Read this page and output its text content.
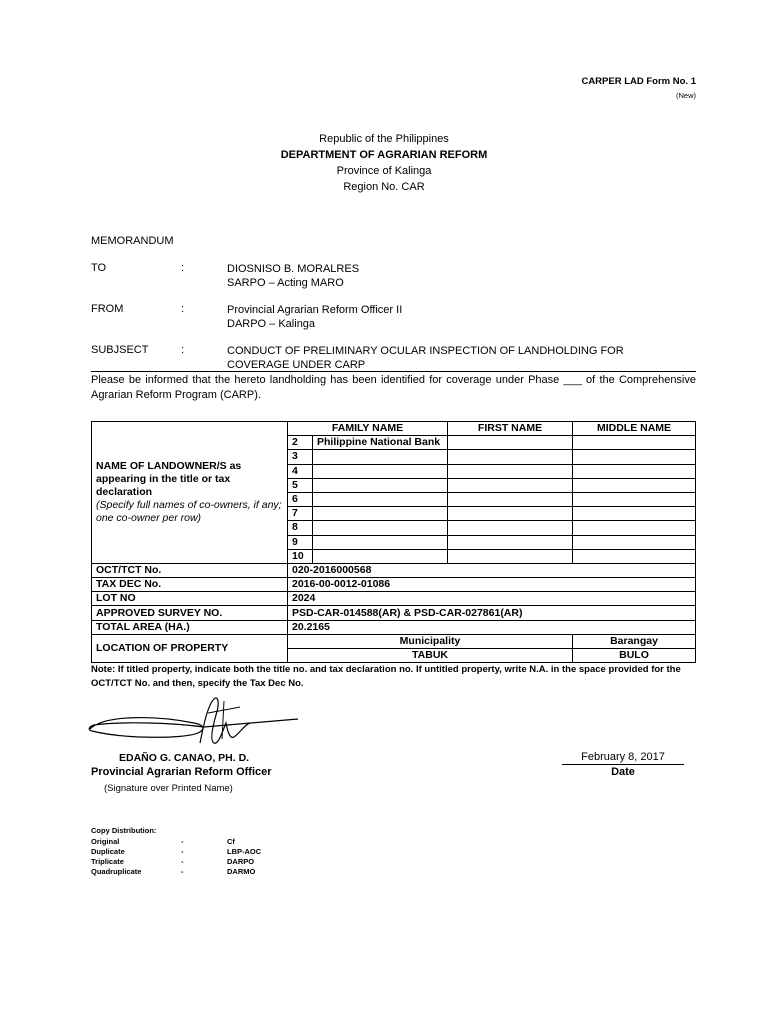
CARPER LAD Form No. 1
(New)
Republic of the Philippines
DEPARTMENT OF AGRARIAN REFORM
Province of Kalinga
Region No. CAR
MEMORANDUM
TO	:	DIOSNISO B. MORALRES
SARPO – Acting MARO
FROM	:	Provincial Agrarian Reform Officer II
DARPO – Kalinga
SUBJSECT	:	CONDUCT OF PRELIMINARY OCULAR INSPECTION OF LANDHOLDING FOR
COVERAGE UNDER CARP
Please be informed that the hereto landholding has been identified for coverage under Phase ___ of the Comprehensive Agrarian Reform Program (CARP).
NAME OF LANDOWNER/S as appearing in the title or tax declaration
(Specify full names of co-owners, if any; one co-owner per row)	FAMILY NAME		FIRST NAME	MIDDLE NAME
	2	Philippine National Bank		
	3			
	4			
	5			
	6			
	7			
	8			
	9			
	10			
OCT/TCT No.	020-2016000568			
TAX DEC No.	2016-00-0012-01086			
LOT NO	2024			
APPROVED SURVEY NO.	PSD-CAR-014588(AR) & PSD-CAR-027861(AR)			
TOTAL AREA (HA.)	20.2165			
LOCATION OF PROPERTY	Municipality			Barangay
	TABUK			BULO
Note: If titled property, indicate both the title no. and tax declaration no. If untitled property, write N.A. in the space provided for the OCT/TCT No. and then, specify the Tax Dec No.
EDAÑO G. CANAO, PH. D.
Provincial Agrarian Reform Officer
(Signature over Printed Name)
February 8, 2017
Date
Copy Distribution:
Original	-	Cf
Duplicate	-	LBP-AOC
Triplicate	-	DARPO
Quadruplicate	-	DARMO
